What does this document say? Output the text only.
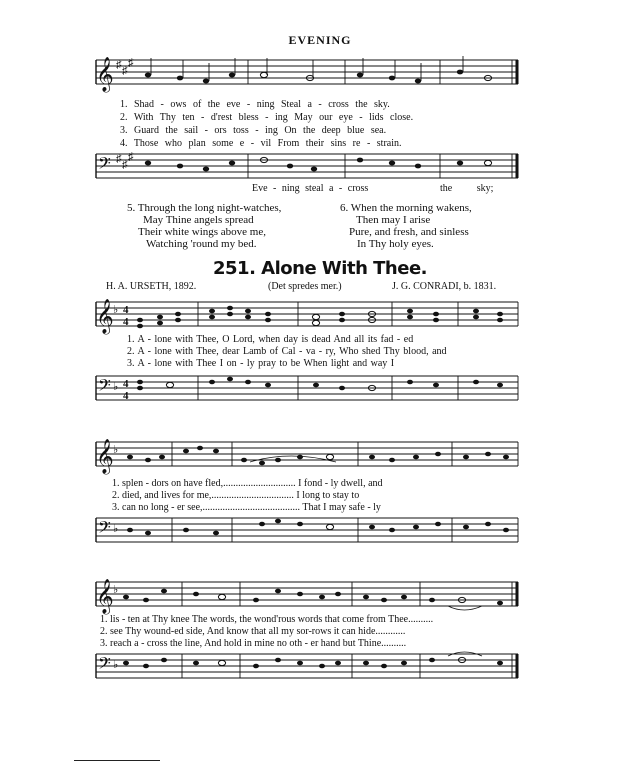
EVENING
𝄞 ♯ ♯
♯
1. Shad - ows of the eve - ning Steal a - cross the sky.
2. With Thy ten - d'rest bless - ing May our eye - lids close.
3. Guard the sail - ors toss - ing On the deep blue sea.
4. Those who plan some e - vil From their sins re - strain.
𝄢 ♯ ♯
♯
Eve - ning steal a - cross	the sky;
5. Through the long night-watches,
May Thine angels spread
Their white wings above me,
Watching 'round my bed.
6. When the morning wakens,
Then may I arise
Pure, and fresh, and sinless
In Thy holy eyes.
251. Alone With Thee.
H. A. URSETH, 1892.	(Det spredes mer.)	J. G. CONRADI, b. 1831.
𝄞 ♭ 4
4
1. A - lone with Thee, O Lord, when day is dead And all its fad - ed
2. A - lone with Thee, dear Lamb of Cal - va - ry, Who shed Thy blood, and
3. A - lone with Thee I on - ly pray to be When light and way I
𝄢 ♭ 4
4
𝄞 ♭
1. splen - dors on have fled,............................. I fond - ly dwell, and
2. died, and lives for me,................................. I long to stay to
3. can no long - er see,....................................... That I may safe - ly
𝄢 ♭
𝄞 ♭
1. lis - ten at Thy knee The words, the wond'rous words that come from Thee..........
2. see Thy wound-ed side, And know that all my sor-rows it can hide............
3. reach a - cross the line, And hold in mine no oth - er hand but Thine..........
𝄢 ♭
